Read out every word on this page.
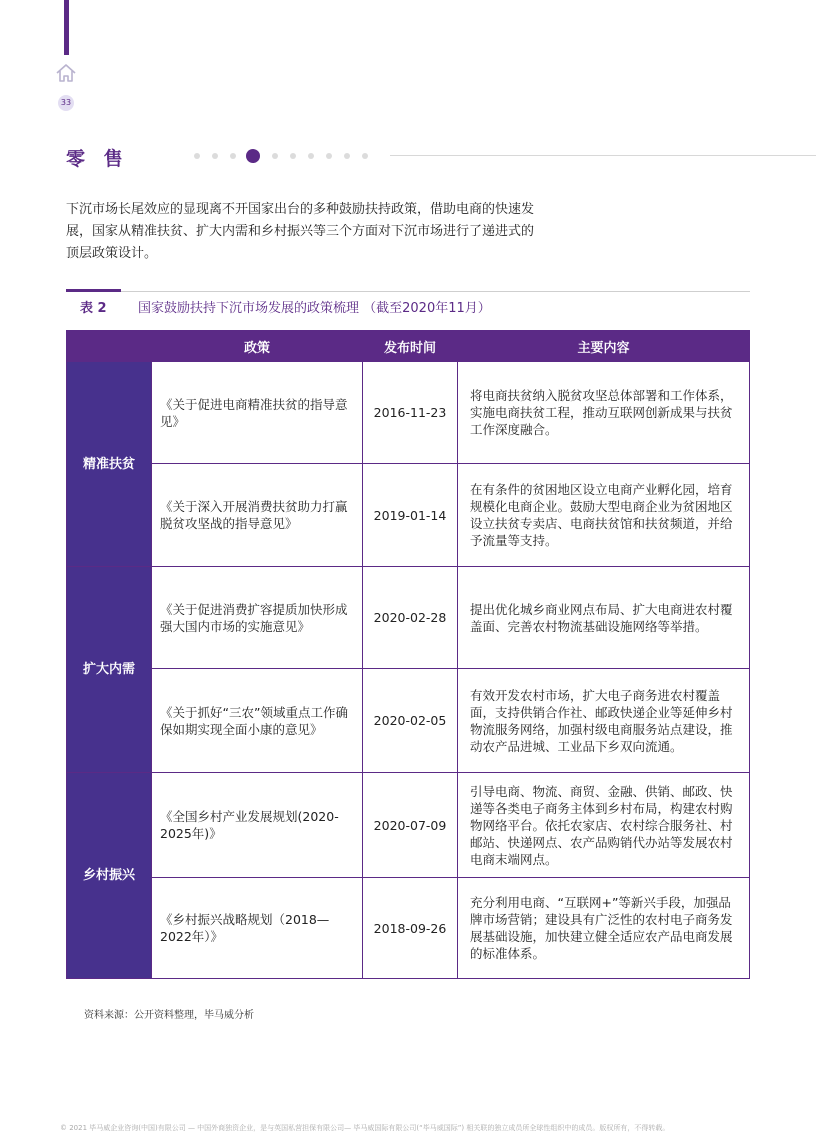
33
零 售
下沉市场长尾效应的显现离不开国家出台的多种鼓励扶持政策，借助电商的快速发展，国家从精准扶贫、扩大内需和乡村振兴等三个方面对下沉市场进行了递进式的顶层政策设计。
表 2 国家鼓励扶持下沉市场发展的政策梳理 （截至2020年11月）
	政策	发布时间	主要内容
精准扶贫	《关于促进电商精准扶贫的指导意见》	2016-11-23	将电商扶贫纳入脱贫攻坚总体部署和工作体系，实施电商扶贫工程，推动互联网创新成果与扶贫工作深度融合。
	《关于深入开展消费扶贫助力打赢脱贫攻坚战的指导意见》	2019-01-14	在有条件的贫困地区设立电商产业孵化园，培育规模化电商企业。鼓励大型电商企业为贫困地区设立扶贫专卖店、电商扶贫馆和扶贫频道，并给予流量等支持。
扩大内需	《关于促进消费扩容提质加快形成强大国内市场的实施意见》	2020-02-28	提出优化城乡商业网点布局、扩大电商进农村覆盖面、完善农村物流基础设施网络等举措。
	《关于抓好“三农”领域重点工作确保如期实现全面小康的意见》	2020-02-05	有效开发农村市场，扩大电子商务进农村覆盖面，支持供销合作社、邮政快递企业等延伸乡村物流服务网络，加强村级电商服务站点建设，推动农产品进城、工业品下乡双向流通。
乡村振兴	《全国乡村产业发展规划(2020-2025年)》	2020-07-09	引导电商、物流、商贸、金融、供销、邮政、快递等各类电子商务主体到乡村布局，构建农村购物网络平台。依托农家店、农村综合服务社、村邮站、快递网点、农产品购销代办站等发展农村电商末端网点。
	《乡村振兴战略规划（2018—2022年）》	2018-09-26	充分利用电商、“互联网+”等新兴手段，加强品牌市场营销；建设具有广泛性的农村电子商务发展基础设施，加快建立健全适应农产品电商发展的标准体系。
资料来源：公开资料整理，毕马威分析
© 2021 毕马威企业咨询(中国)有限公司 — 中国外商独资企业，是与英国私营担保有限公司— 毕马威国际有限公司(“毕马威国际”) 相关联的独立成员所全球性组织中的成员。版权所有，不得转载。
